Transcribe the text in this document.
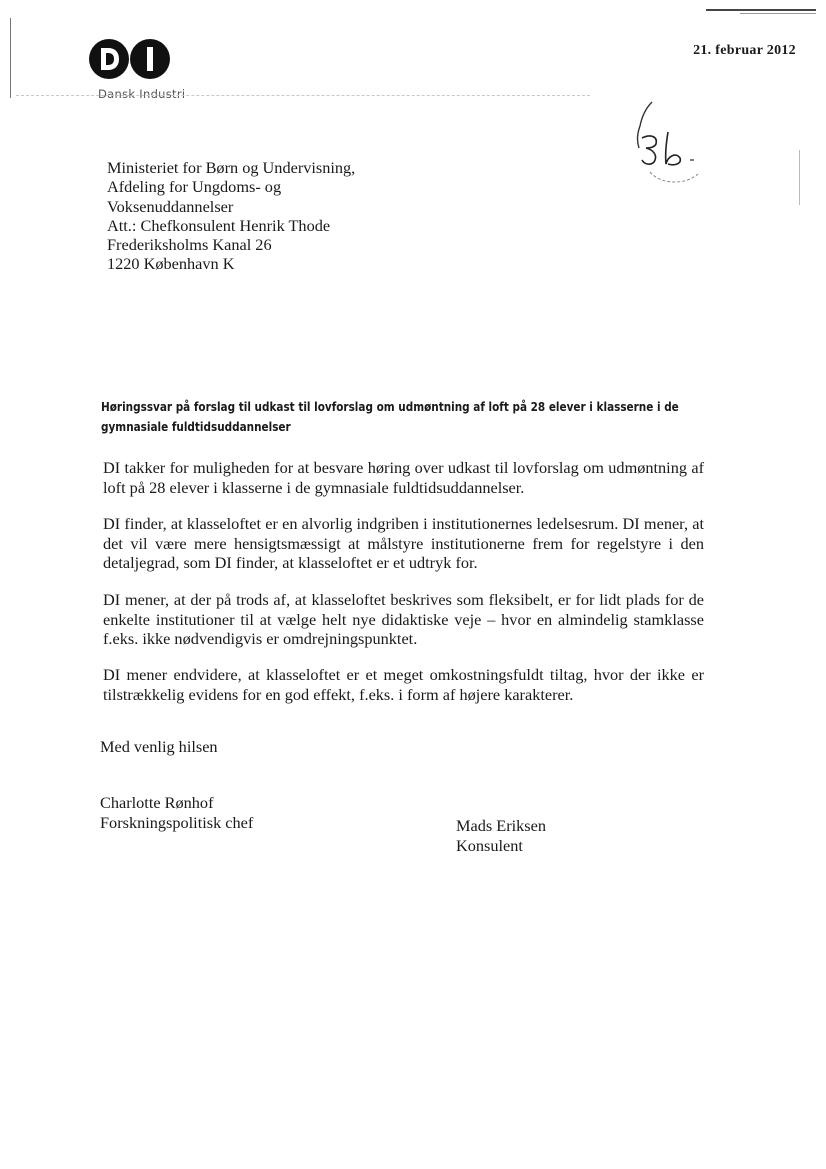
Dansk Industri
21. februar 2012
Ministeriet for Børn og Undervisning,
Afdeling for Ungdoms- og
Voksenuddannelser
Att.: Chefkonsulent Henrik Thode
Frederiksholms Kanal 26
1220 København K
Høringssvar på forslag til udkast til lovforslag om udmøntning af loft på 28 elever i klasserne i de gymnasiale fuldtidsuddannelser
DI takker for muligheden for at besvare høring over udkast til lovforslag om udmøntning af loft på 28 elever i klasserne i de gymnasiale fuldtidsuddannelser.
DI finder, at klasseloftet er en alvorlig indgriben i institutionernes ledelsesrum. DI mener, at det vil være mere hensigtsmæssigt at målstyre institutionerne frem for regelstyre i den detaljegrad, som DI finder, at klasseloftet er et udtryk for.
DI mener, at der på trods af, at klasseloftet beskrives som fleksibelt, er for lidt plads for de enkelte institutioner til at vælge helt nye didaktiske veje – hvor en almindelig stamklasse f.eks. ikke nødvendigvis er omdrejningspunktet.
DI mener endvidere, at klasseloftet er et meget omkostningsfuldt tiltag, hvor der ikke er tilstrækkelig evidens for en god effekt, f.eks. i form af højere karakterer.
Med venlig hilsen
Charlotte Rønhof
Forskningspolitisk chef	Mads Eriksen
Konsulent
